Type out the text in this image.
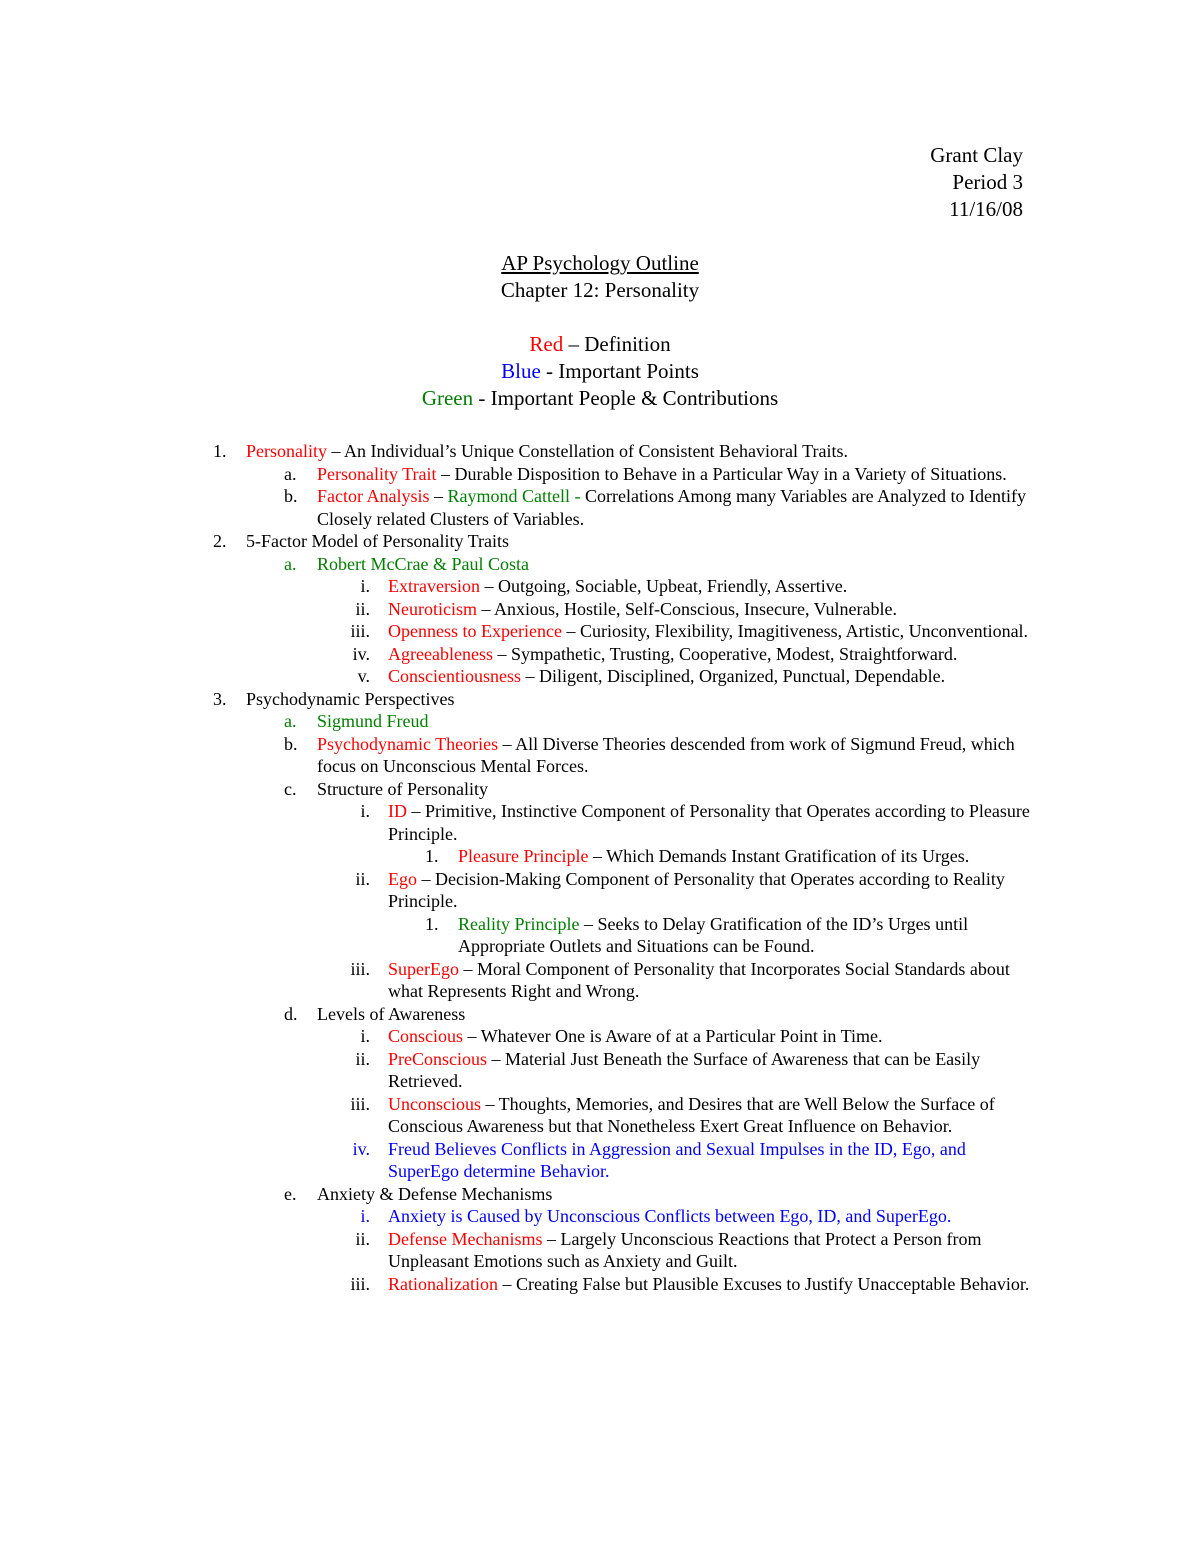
Grant Clay
Period 3
11/16/08
AP Psychology Outline
Chapter 12: Personality
Red – Definition
Blue - Important Points
Green - Important People & Contributions
1. Personality – An Individual’s Unique Constellation of Consistent Behavioral Traits.
a. Personality Trait – Durable Disposition to Behave in a Particular Way in a Variety of Situations.
b. Factor Analysis – Raymond Cattell - Correlations Among many Variables are Analyzed to Identify Closely related Clusters of Variables.
2. 5-Factor Model of Personality Traits
a. Robert McCrae & Paul Costa
i. Extraversion – Outgoing, Sociable, Upbeat, Friendly, Assertive.
ii. Neuroticism – Anxious, Hostile, Self-Conscious, Insecure, Vulnerable.
iii. Openness to Experience – Curiosity, Flexibility, Imagitiveness, Artistic, Unconventional.
iv. Agreeableness – Sympathetic, Trusting, Cooperative, Modest, Straightforward.
v. Conscientiousness – Diligent, Disciplined, Organized, Punctual, Dependable.
3. Psychodynamic Perspectives
a. Sigmund Freud
b. Psychodynamic Theories – All Diverse Theories descended from work of Sigmund Freud, which focus on Unconscious Mental Forces.
c. Structure of Personality
i. ID – Primitive, Instinctive Component of Personality that Operates according to Pleasure Principle.
1. Pleasure Principle – Which Demands Instant Gratification of its Urges.
ii. Ego – Decision-Making Component of Personality that Operates according to Reality Principle.
1. Reality Principle – Seeks to Delay Gratification of the ID’s Urges until Appropriate Outlets and Situations can be Found.
iii. SuperEgo – Moral Component of Personality that Incorporates Social Standards about what Represents Right and Wrong.
d. Levels of Awareness
i. Conscious – Whatever One is Aware of at a Particular Point in Time.
ii. PreConscious – Material Just Beneath the Surface of Awareness that can be Easily Retrieved.
iii. Unconscious – Thoughts, Memories, and Desires that are Well Below the Surface of Conscious Awareness but that Nonetheless Exert Great Influence on Behavior.
iv. Freud Believes Conflicts in Aggression and Sexual Impulses in the ID, Ego, and SuperEgo determine Behavior.
e. Anxiety & Defense Mechanisms
i. Anxiety is Caused by Unconscious Conflicts between Ego, ID, and SuperEgo.
ii. Defense Mechanisms – Largely Unconscious Reactions that Protect a Person from Unpleasant Emotions such as Anxiety and Guilt.
iii. Rationalization – Creating False but Plausible Excuses to Justify Unacceptable Behavior.
